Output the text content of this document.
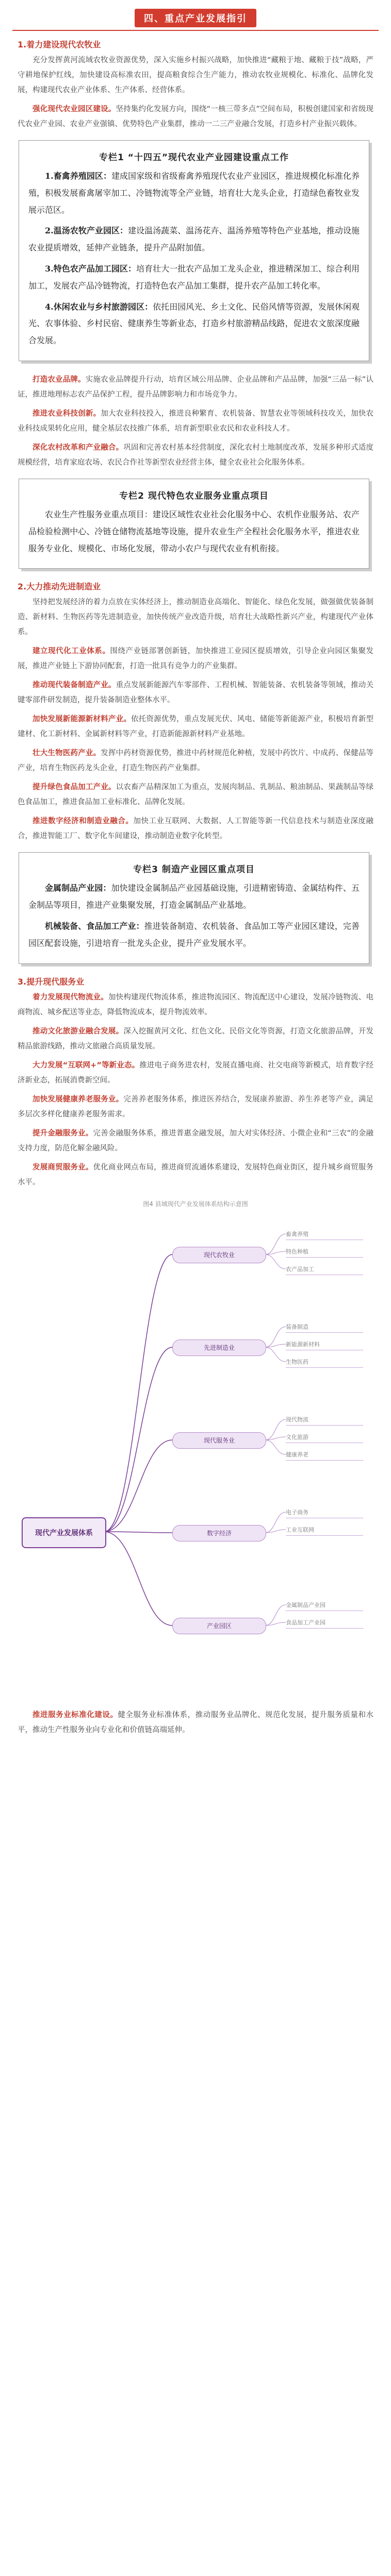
四、重点产业发展指引
1.着力建设现代农牧业

充分发挥黄河流域农牧业资源优势，深入实施乡村振兴战略，加快推进“藏粮于地、藏粮于技”战略，严守耕地保护红线，加快建设高标准农田，提高粮食综合生产能力，推动农牧业规模化、标准化、品牌化发展，构建现代农业产业体系、生产体系、经营体系。

强化现代农业园区建设。坚持集约化发展方向，围绕“一核三带多点”空间布局，积极创建国家和省级现代农业产业园、农业产业强镇、优势特色产业集群，推动一二三产业融合发展，打造乡村产业振兴载体。

专栏1 “十四五”现代农业产业园建设重点工作

1.畜禽养殖园区：建成国家级和省级畜禽养殖现代农业产业园区，推进规模化标准化养殖，积极发展畜禽屠宰加工、冷链物流等全产业链，培育壮大龙头企业，打造绿色畜牧业发展示范区。

2.温汤农牧产业园区：建设温汤蔬菜、温汤花卉、温汤养殖等特色产业基地，推动设施农业提质增效，延伸产业链条，提升产品附加值。

3.特色农产品加工园区：培育壮大一批农产品加工龙头企业，推进精深加工、综合利用加工，发展农产品冷链物流，打造特色农产品加工集群，提升农产品加工转化率。

4.休闲农业与乡村旅游园区：依托田园风光、乡土文化、民俗风情等资源，发展休闲观光、农事体验、乡村民宿、健康养生等新业态，打造乡村旅游精品线路，促进农文旅深度融合发展。

打造农业品牌。实施农业品牌提升行动，培育区域公用品牌、企业品牌和产品品牌，加强“三品一标”认证，推进地理标志农产品保护工程，提升品牌影响力和市场竞争力。

推进农业科技创新。加大农业科技投入，推进良种繁育、农机装备、智慧农业等领域科技攻关，加快农业科技成果转化应用，健全基层农技推广体系，培育新型职业农民和农业科技人才。

深化农村改革和产业融合。巩固和完善农村基本经营制度，深化农村土地制度改革，发展多种形式适度规模经营，培育家庭农场、农民合作社等新型农业经营主体，健全农业社会化服务体系。

专栏2 现代特色农业服务业重点项目

农业生产性服务业重点项目：建设区域性农业社会化服务中心、农机作业服务站、农产品检验检测中心、冷链仓储物流基地等设施，提升农业生产全程社会化服务水平，推进农业服务专业化、规模化、市场化发展，带动小农户与现代农业有机衔接。

2.大力推动先进制造业

坚持把发展经济的着力点放在实体经济上，推动制造业高端化、智能化、绿色化发展，做强做优装备制造、新材料、生物医药等先进制造业，加快传统产业改造升级，培育壮大战略性新兴产业，构建现代产业体系。

建立现代化工业体系。围绕产业链部署创新链，加快推进工业园区提质增效，引导企业向园区集聚发展，推进产业链上下游协同配套，打造一批具有竞争力的产业集群。

推动现代装备制造产业。重点发展新能源汽车零部件、工程机械、智能装备、农机装备等领域，推动关键零部件研发制造，提升装备制造业整体水平。

加快发展新能源新材料产业。依托资源优势，重点发展光伏、风电、储能等新能源产业，积极培育新型建材、化工新材料、金属新材料等产业，打造新能源新材料产业基地。

壮大生物医药产业。发挥中药材资源优势，推进中药材规范化种植，发展中药饮片、中成药、保健品等产业，培育生物医药龙头企业，打造生物医药产业集群。

提升绿色食品加工产业。以农畜产品精深加工为重点，发展肉制品、乳制品、粮油制品、果蔬制品等绿色食品加工，推进食品加工业标准化、品牌化发展。

推进数字经济和制造业融合。加快工业互联网、大数据、人工智能等新一代信息技术与制造业深度融合，推进智能工厂、数字化车间建设，推动制造业数字化转型。

专栏3 制造产业园区重点项目

金属制品产业园：加快建设金属制品产业园基础设施，引进精密铸造、金属结构件、五金制品等项目，推进产业集聚发展，打造金属制品产业基地。

机械装备、食品加工产业：推进装备制造、农机装备、食品加工等产业园区建设，完善园区配套设施，引进培育一批龙头企业，提升产业发展水平。

3.提升现代服务业

着力发展现代物流业。加快构建现代物流体系，推进物流园区、物流配送中心建设，发展冷链物流、电商物流、城乡配送等业态，降低物流成本，提升物流效率。

推动文化旅游业融合发展。深入挖掘黄河文化、红色文化、民俗文化等资源，打造文化旅游品牌，开发精品旅游线路，推动文旅融合高质量发展。

大力发展“互联网+”等新业态。推进电子商务进农村，发展直播电商、社交电商等新模式，培育数字经济新业态，拓展消费新空间。

加快发展健康养老服务业。完善养老服务体系，推进医养结合，发展康养旅游、养生养老等产业，满足多层次多样化健康养老服务需求。

提升金融服务业。完善金融服务体系，推进普惠金融发展，加大对实体经济、小微企业和“三农”的金融支持力度，防范化解金融风险。

发展商贸服务业。优化商业网点布局，推进商贸流通体系建设，发展特色商业街区，提升城乡商贸服务水平。

图4 县域现代产业发展体系结构示意图
现代产业发展体系
现代农牧业
畜禽养殖
特色种植
农产品加工
先进制造业
装备制造
新能源新材料
生物医药
现代服务业
现代物流
文化旅游
健康养老
数字经济
电子商务
工业互联网
产业园区
金属制品产业园
食品加工产业园

推进服务业标准化建设。健全服务业标准体系，推动服务业品牌化、规范化发展，提升服务质量和水平，推动生产性服务业向专业化和价值链高端延伸。
